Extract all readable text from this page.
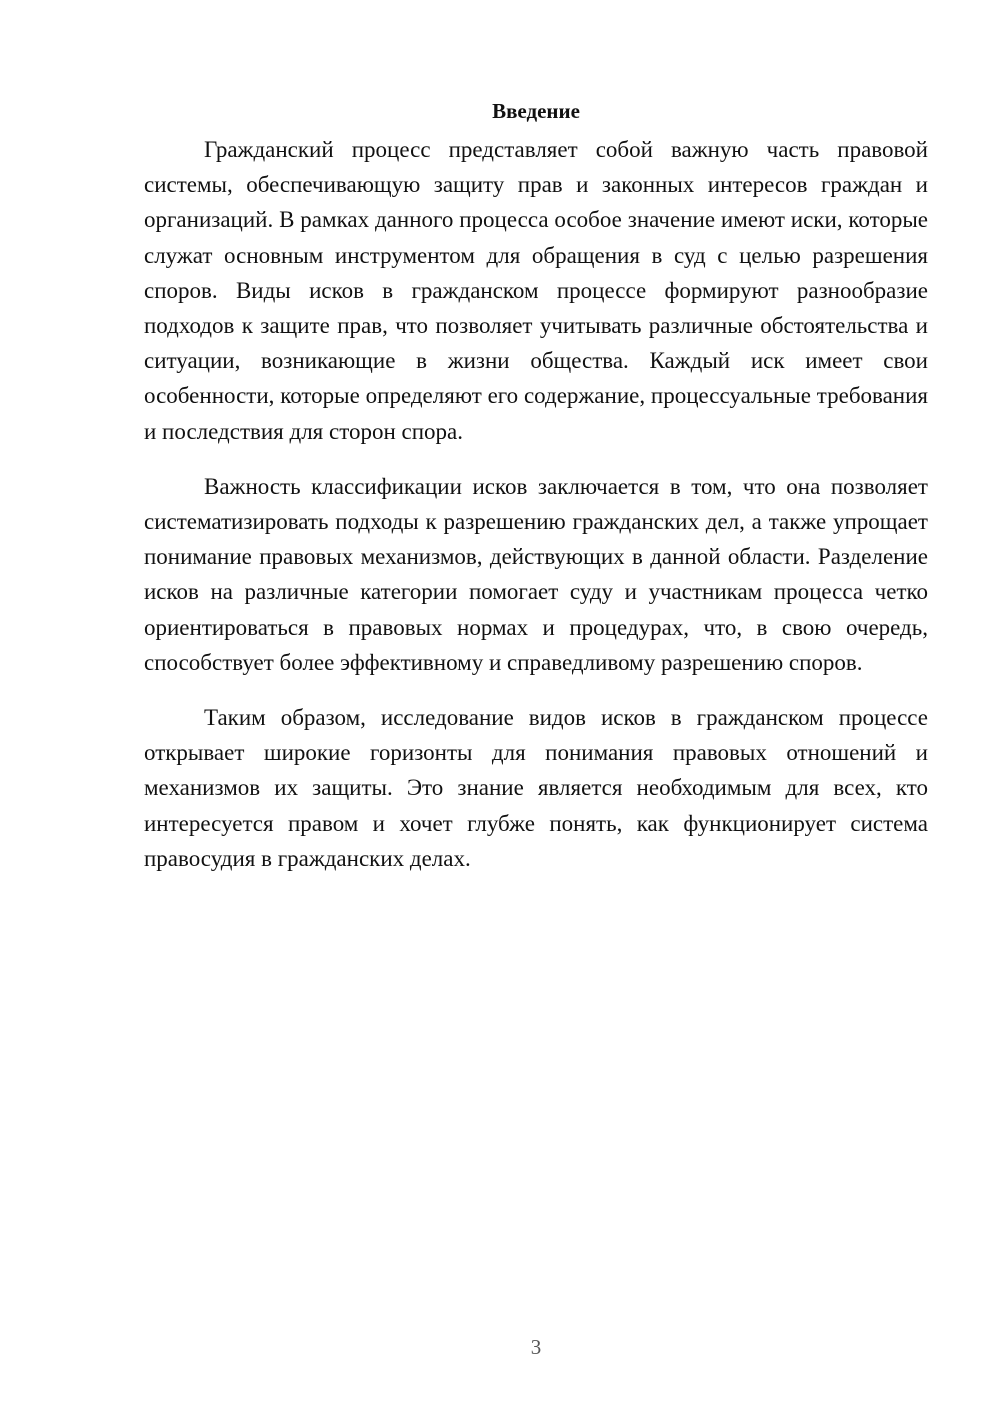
Введение

Гражданский процесс представляет собой важную часть правовой системы, обеспечивающую защиту прав и законных интересов граждан и организаций. В рамках данного процесса особое значение имеют иски, которые служат основным инструментом для обращения в суд с целью разрешения споров. Виды исков в гражданском процессе формируют разнообразие подходов к защите прав, что позволяет учитывать различные обстоятельства и ситуации, возникающие в жизни общества. Каждый иск имеет свои особенности, которые определяют его содержание, процессуальные требования и последствия для сторон спора.

Важность классификации исков заключается в том, что она позволяет систематизировать подходы к разрешению гражданских дел, а также упрощает понимание правовых механизмов, действующих в данной области. Разделение исков на различные категории помогает суду и участникам процесса четко ориентироваться в правовых нормах и процедурах, что, в свою очередь, способствует более эффективному и справедливому разрешению споров.

Таким образом, исследование видов исков в гражданском процессе открывает широкие горизонты для понимания правовых отношений и механизмов их защиты. Это знание является необходимым для всех, кто интересуется правом и хочет глубже понять, как функционирует система правосудия в гражданских делах.

3
